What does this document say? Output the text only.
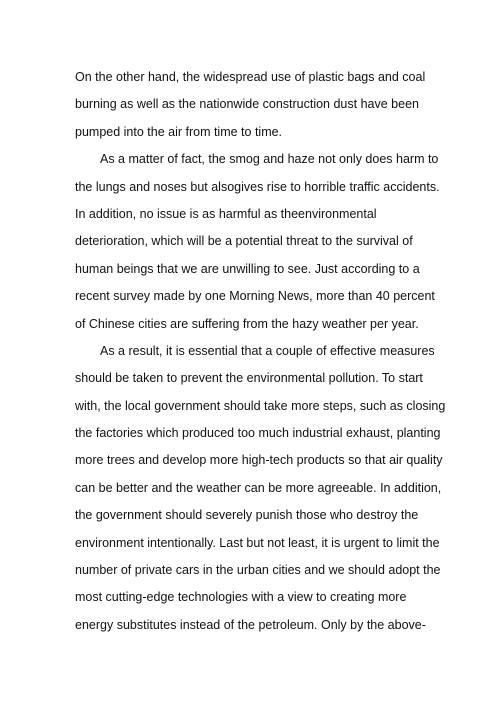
On the other hand, the widespread use of plastic bags and coal
burning as well as the nationwide construction dust have been
pumped into the air from time to time.
As a matter of fact, the smog and haze not only does harm to
the lungs and noses but alsogives rise to horrible traffic accidents.
In addition, no issue is as harmful as theenvironmental
deterioration, which will be a potential threat to the survival of
human beings that we are unwilling to see. Just according to a
recent survey made by one Morning News, more than 40 percent
of Chinese cities are suffering from the hazy weather per year.
As a result, it is essential that a couple of effective measures
should be taken to prevent the environmental pollution. To start
with, the local government should take more steps, such as closing
the factories which produced too much industrial exhaust, planting
more trees and develop more high-tech products so that air quality
can be better and the weather can be more agreeable. In addition,
the government should severely punish those who destroy the
environment intentionally. Last but not least, it is urgent to limit the
number of private cars in the urban cities and we should adopt the
most cutting-edge technologies with a view to creating more
energy substitutes instead of the petroleum. Only by the above-
